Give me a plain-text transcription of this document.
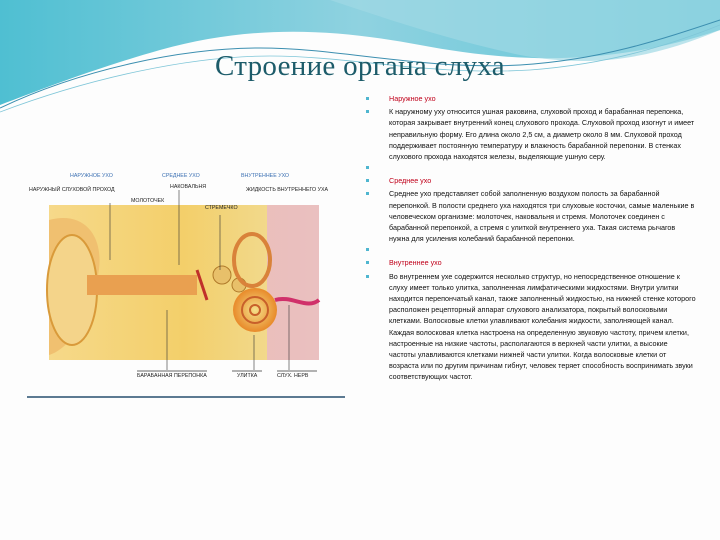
Строение органа слуха
НАРУЖНОЕ УХО	СРЕДНЕЕ УХО	ВНУТРЕННЕЕ УХО
НАРУЖНЫЙ СЛУХОВОЙ ПРОХОД
МОЛОТОЧЕК
НАКОВАЛЬНЯ
СТРЕМЕЧКО
ЖИДКОСТЬ ВНУТРЕННЕГО УХА
БАРАБАННАЯ ПЕРЕПОНКА	УЛИТКА	СЛУХ. НЕРВ
Наружное ухо
К наружному уху относится ушная раковина, слуховой проход и барабанная перепонка, которая закрывает внутренний конец слухового прохода. Слуховой проход изогнут и имеет неправильную форму. Его длина около 2,5 см, а диаметр около 8 мм. Слуховой проход поддерживает постоянную температуру и влажность барабанной перепонки. В стенках слухового прохода находятся железы, выделяющие ушную серу.
Среднее ухо
Среднее ухо представляет собой заполненную воздухом полость за барабанной перепонкой. В полости среднего уха находятся три слуховые косточки, самые маленькие в человеческом организме: молоточек, наковальня и стремя. Молоточек соединен с барабанной перепонкой, а стремя с улиткой внутреннего уха. Такая система рычагов нужна для усиления колебаний барабанной перепонки.
Внутреннее ухо
Во внутреннем ухе содержится несколько структур, но непосредственное отношение к слуху имеет только улитка, заполненная лимфатическими жидкостями. Внутри улитки находится перепончатый канал, также заполненный жидкостью, на нижней стенке которого расположен рецепторный аппарат слухового анализатора, покрытый волосковыми клетками. Волосковые клетки улавливают колебания жидкости, заполняющей канал. Каждая волосковая клетка настроена на определенную звуковую частоту, причем клетки, настроенные на низкие частоты, располагаются в верхней части улитки, а высокие частоты улавливаются клетками нижней части улитки. Когда волосковые клетки от возраста или по другим причинам гибнут, человек теряет способность воспринимать звуки соответствующих частот.
